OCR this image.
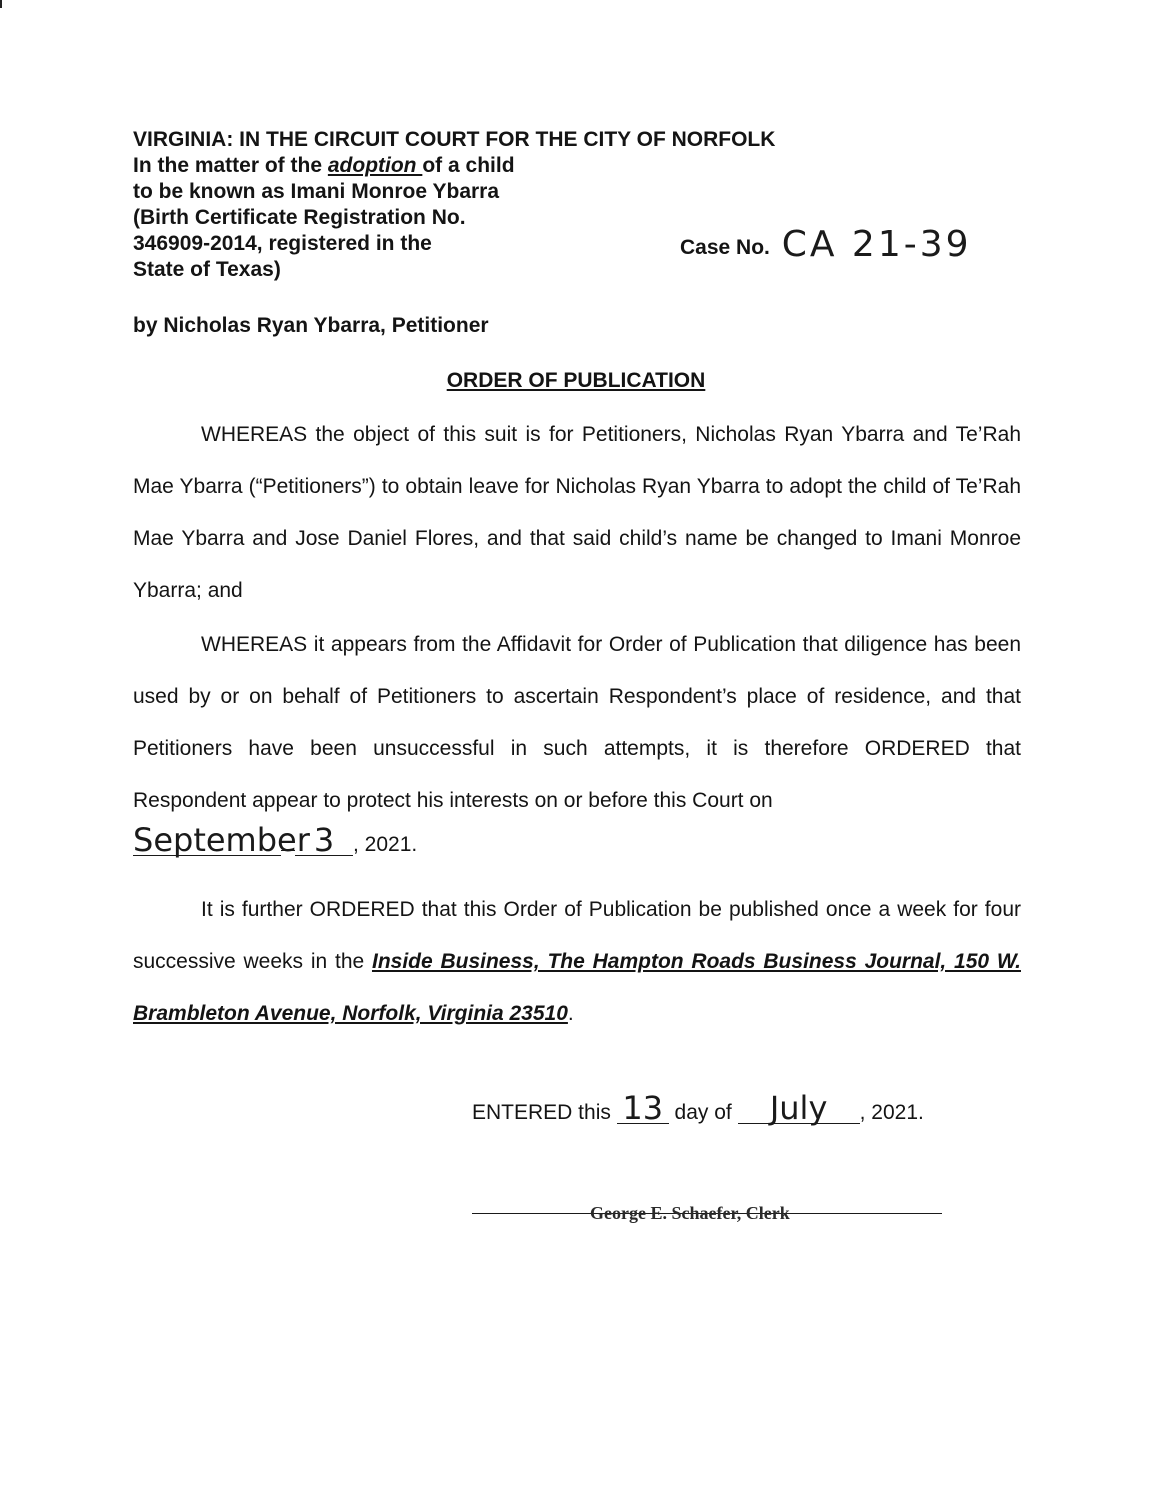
VIRGINIA: IN THE CIRCUIT COURT FOR THE CITY OF NORFOLK
In the matter of the adoption of a child
to be known as Imani Monroe Ybarra
(Birth Certificate Registration No.
346909-2014, registered in the
State of Texas)
Case No. CA 21-39
by Nicholas Ryan Ybarra, Petitioner
ORDER OF PUBLICATION

WHEREAS the object of this suit is for Petitioners, Nicholas Ryan Ybarra and Te’Rah Mae Ybarra (“Petitioners”) to obtain leave for Nicholas Ryan Ybarra to adopt the child of Te’Rah Mae Ybarra and Jose Daniel Flores, and that said child’s name be changed to Imani Monroe Ybarra; and

WHEREAS it appears from the Affidavit for Order of Publication that diligence has been used by or on behalf of Petitioners to ascertain Respondent’s place of residence, and that Petitioners have been unsuccessful in such attempts, it is therefore ORDERED that Respondent appear to protect his interests on or before this Court on

September 3 , 2021.

It is further ORDERED that this Order of Publication be published once a week for four successive weeks in the Inside Business, The Hampton Roads Business Journal, 150 W. Brambleton Avenue, Norfolk, Virginia 23510.

ENTERED this 13 day of July , 2021.
George E. Schaefer, Clerk
